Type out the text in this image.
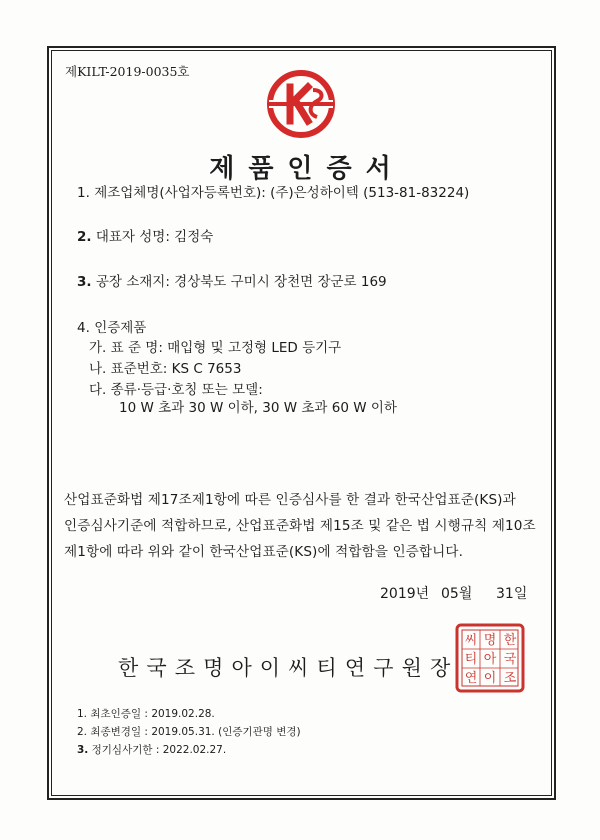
제KILT-2019-0035호
제품인증서
1. 제조업체명(사업자등록번호): (주)은성하이텍 (513-81-83224)
2. 대표자 성명: 김정숙
3. 공장 소재지: 경상북도 구미시 장천면 장군로 169
4. 인증제품
가. 표 준 명: 매입형 및 고정형 LED 등기구
나. 표준번호: KS C 7653
다. 종류·등급·호칭 또는 모델:
10 W 초과 30 W 이하, 30 W 초과 60 W 이하
산업표준화법 제17조제1항에 따른 인증심사를 한 결과 한국산업표준(KS)과
인증심사기준에 적합하므로, 산업표준화법 제15조 및 같은 법 시행규칙 제10조
제1항에 따라 위와 같이 한국산업표준(KS)에 적합함을 인증합니다.
2019년 05월 31일
한 국 조 명 아 이 씨 티 연 구 원 장
한
국
조
명
아
이
씨
티
연
1. 최초인증일 : 2019.02.28.
2. 최종변경일 : 2019.05.31. (인증기관명 변경)
3. 정기심사기한 : 2022.02.27.
